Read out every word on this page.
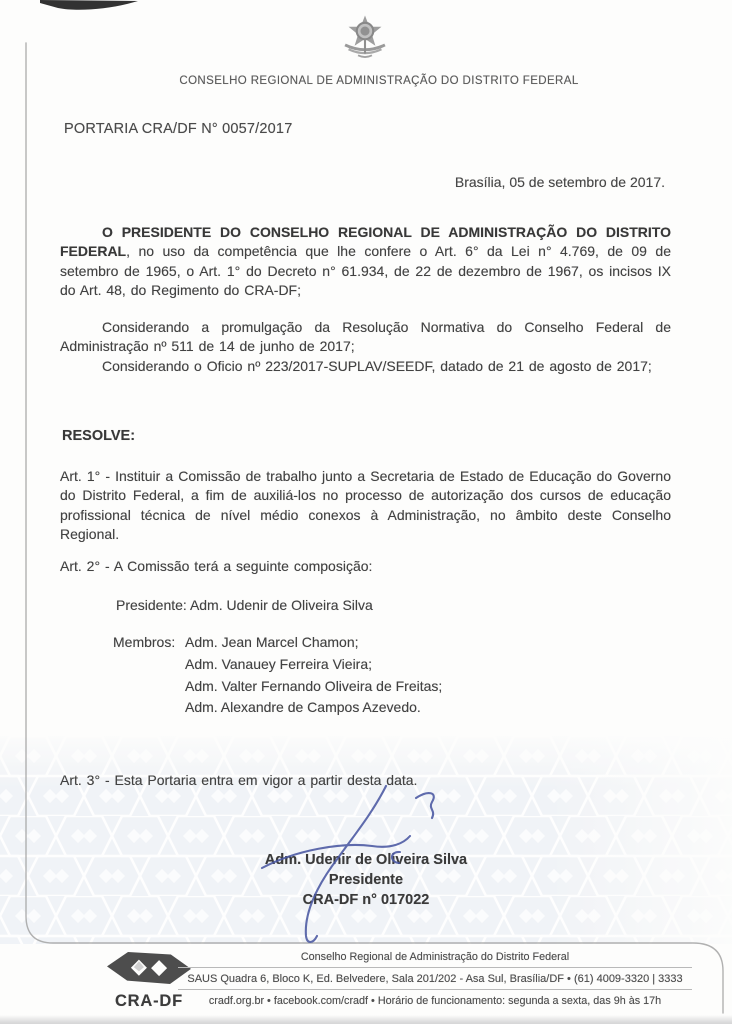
CONSELHO REGIONAL DE ADMINISTRAÇÃO DO DISTRITO FEDERAL
PORTARIA CRA/DF N° 0057/2017
Brasília, 05 de setembro de 2017.
O PRESIDENTE DO CONSELHO REGIONAL DE ADMINISTRAÇÃO DO DISTRITO FEDERAL, no uso da competência que lhe confere o Art. 6° da Lei n° 4.769, de 09 de setembro de 1965, o Art. 1° do Decreto n° 61.934, de 22 de dezembro de 1967, os incisos IX do Art. 48, do Regimento do CRA-DF;
Considerando a promulgação da Resolução Normativa do Conselho Federal de Administração nº 511 de 14 de junho de 2017;
Considerando o Oficio nº 223/2017-SUPLAV/SEEDF, datado de 21 de agosto de 2017;
RESOLVE:
Art. 1° - Instituir a Comissão de trabalho junto a Secretaria de Estado de Educação do Governo do Distrito Federal, a fim de auxiliá-los no processo de autorização dos cursos de educação profissional técnica de nível médio conexos à Administração, no âmbito deste Conselho Regional.
Art. 2° - A Comissão terá a seguinte composição:
Presidente: Adm. Udenir de Oliveira Silva
Membros: Adm. Jean Marcel Chamon;
Adm. Vanauey Ferreira Vieira;
Adm. Valter Fernando Oliveira de Freitas;
Adm. Alexandre de Campos Azevedo.
Art. 3° - Esta Portaria entra em vigor a partir desta data.
Adm. Udenir de Oliveira Silva
Presidente
CRA-DF n° 017022
CRA-DF
Conselho Regional de Administração do Distrito Federal
SAUS Quadra 6, Bloco K, Ed. Belvedere, Sala 201/202 - Asa Sul, Brasília/DF • (61) 4009-3320 | 3333
cradf.org.br • facebook.com/cradf • Horário de funcionamento: segunda a sexta, das 9h às 17h
